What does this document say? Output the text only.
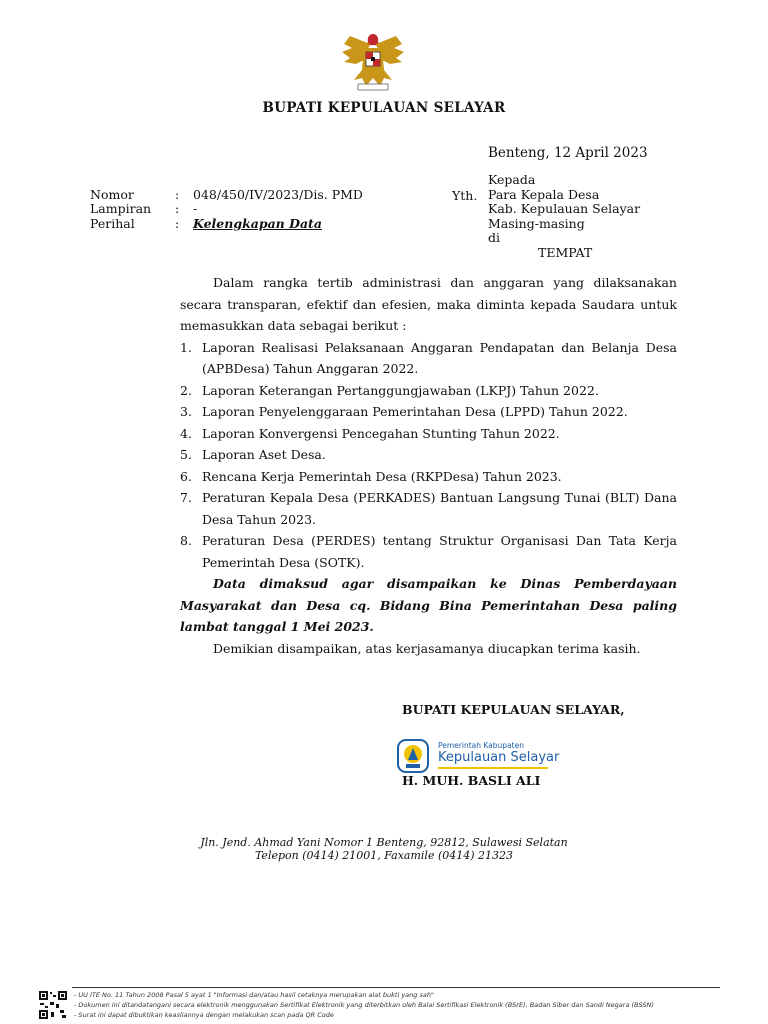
BUPATI KEPULAUAN SELAYAR
Benteng, 12 April 2023
Nomor	: 048/450/IV/2023/Dis. PMD
Lampiran : -
Perihal	: Kelengkapan Data
Yth.
Kepada
Para Kepala Desa
Kab. Kepulauan Selayar
Masing-masing
di
TEMPAT

Dalam rangka tertib administrasi dan anggaran yang dilaksanakan secara transparan, efektif dan efesien, maka diminta kepada Saudara untuk memasukkan data sebagai berikut :

1. Laporan Realisasi Pelaksanaan Anggaran Pendapatan dan Belanja Desa (APBDesa) Tahun Anggaran 2022.
2. Laporan Keterangan Pertanggungjawaban (LKPJ) Tahun 2022.
3. Laporan Penyelenggaraan Pemerintahan Desa (LPPD) Tahun 2022.
4. Laporan Konvergensi Pencegahan Stunting Tahun 2022.
5. Laporan Aset Desa.
6. Rencana Kerja Pemerintah Desa (RKPDesa) Tahun 2023.
7. Peraturan Kepala Desa (PERKADES) Bantuan Langsung Tunai (BLT) Dana Desa Tahun 2023.
8. Peraturan Desa (PERDES) tentang Struktur Organisasi Dan Tata Kerja Pemerintah Desa (SOTK).

Data dimaksud agar disampaikan ke Dinas Pemberdayaan Masyarakat dan Desa cq. Bidang Bina Pemerintahan Desa paling lambat tanggal 1 Mei 2023.

Demikian disampaikan, atas kerjasamanya diucapkan terima kasih.

BUPATI KEPULAUAN SELAYAR,
Pemerintah Kabupaten
Kepulauan Selayar
H. MUH. BASLI ALI
Jln. Jend. Ahmad Yani Nomor 1 Benteng, 92812, Sulawesi Selatan
Telepon (0414) 21001, Faxamile (0414) 21323
- UU ITE No. 11 Tahun 2008 Pasal 5 ayat 1 "Informasi dan/atau hasil cetaknya merupakan alat bukti yang sah"
- Dokumen ini ditandatangani secara elektronik menggunakan Sertifikat Elektronik yang diterbitkan oleh Balai Sertifikasi Elektronik (BSrE), Badan Siber dan Sandi Negara (BSSN)
- Surat ini dapat dibuktikan keasliannya dengan melakukan scan pada QR Code
